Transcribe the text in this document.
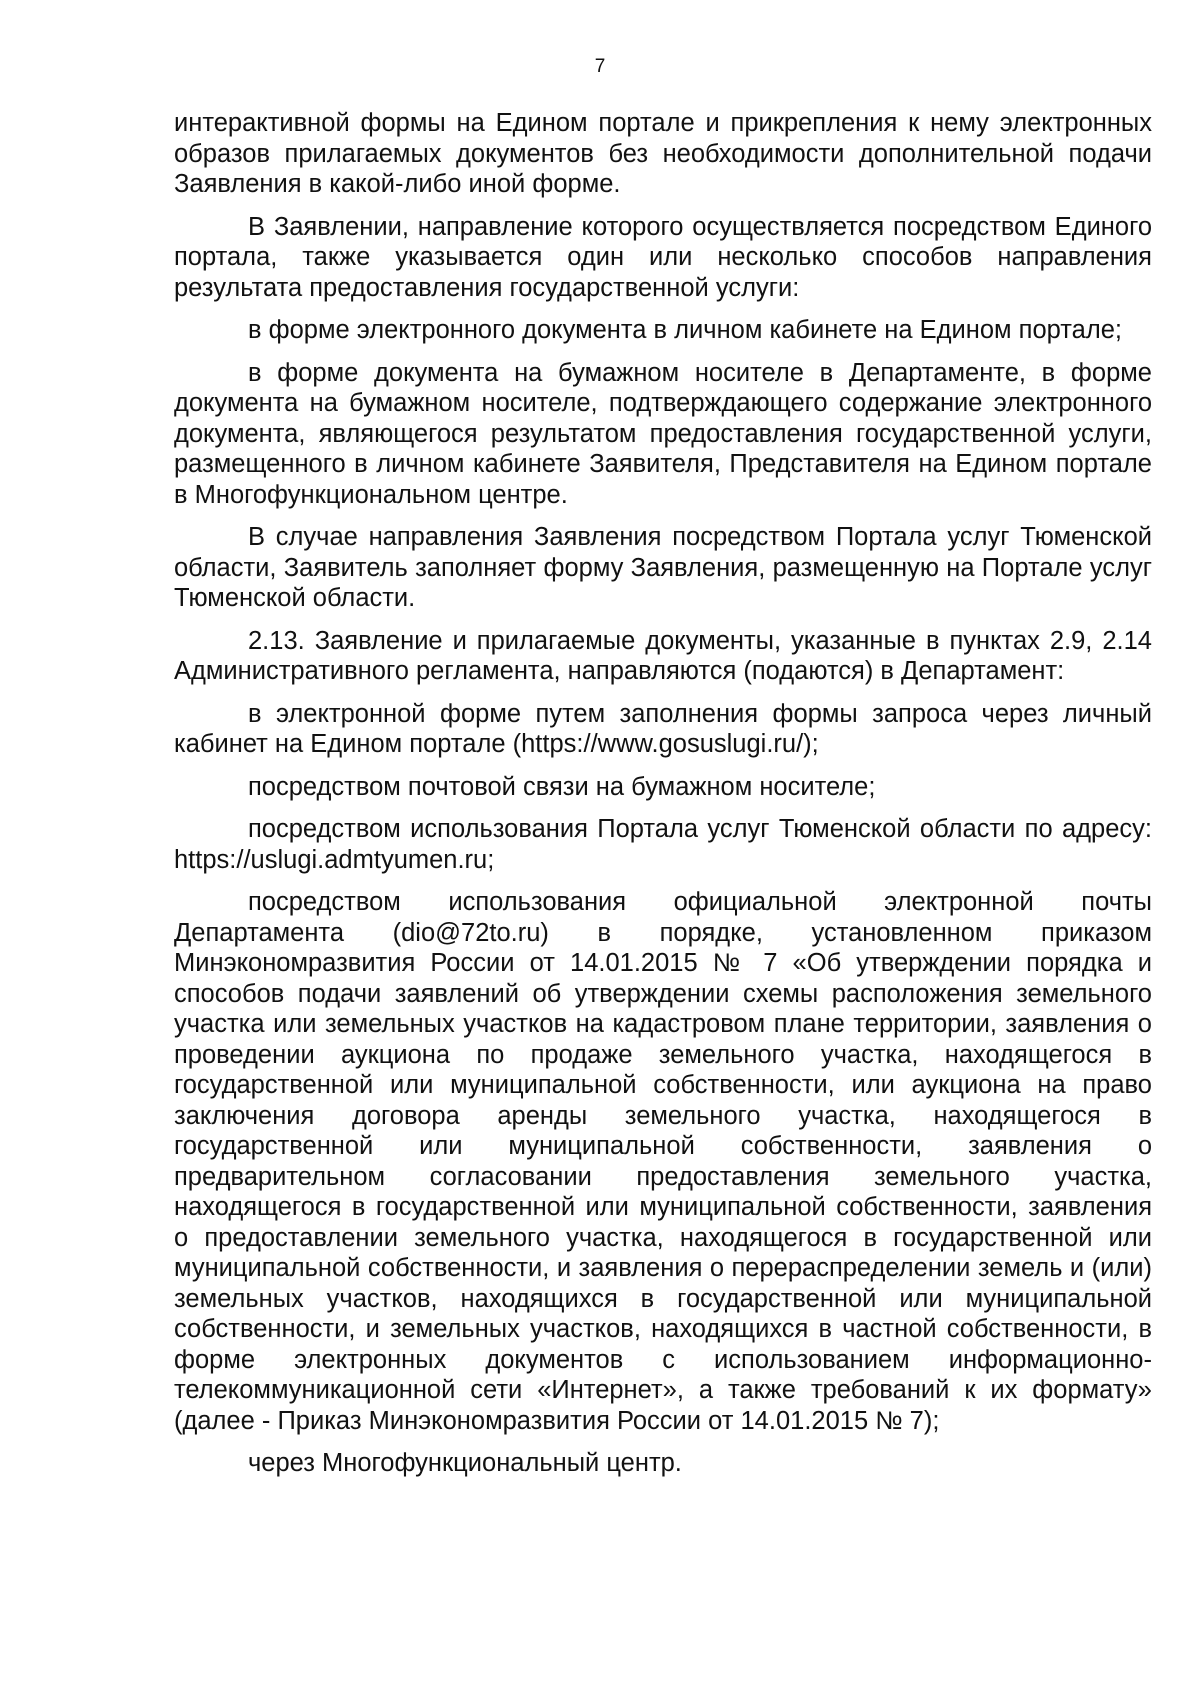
7

интерактивной формы на Едином портале и прикрепления к нему электронных образов прилагаемых документов без необходимости дополнительной подачи Заявления в какой-либо иной форме.

В Заявлении, направление которого осуществляется посредством Единого портала, также указывается один или несколько способов направления результата предоставления государственной услуги:

в форме электронного документа в личном кабинете на Едином портале;

в форме документа на бумажном носителе в Департаменте, в форме документа на бумажном носителе, подтверждающего содержание электронного документа, являющегося результатом предоставления государственной услуги, размещенного в личном кабинете Заявителя, Представителя на Едином портале в Многофункциональном центре.

В случае направления Заявления посредством Портала услуг Тюменской области, Заявитель заполняет форму Заявления, размещенную на Портале услуг Тюменской области.

2.13. Заявление и прилагаемые документы, указанные в пунктах 2.9, 2.14 Административного регламента, направляются (подаются) в Департамент:

в электронной форме путем заполнения формы запроса через личный кабинет на Едином портале (https://www.gosuslugi.ru/);

посредством почтовой связи на бумажном носителе;

посредством использования Портала услуг Тюменской области по адресу: https://uslugi.admtyumen.ru;

посредством использования официальной электронной почты Департамента (dio@72to.ru) в порядке, установленном приказом Минэкономразвития России от 14.01.2015 № 7 «Об утверждении порядка и способов подачи заявлений об утверждении схемы расположения земельного участка или земельных участков на кадастровом плане территории, заявления о проведении аукциона по продаже земельного участка, находящегося в государственной или муниципальной собственности, или аукциона на право заключения договора аренды земельного участка, находящегося в государственной или муниципальной собственности, заявления о предварительном согласовании предоставления земельного участка, находящегося в государственной или муниципальной собственности, заявления о предоставлении земельного участка, находящегося в государственной или муниципальной собственности, и заявления о перераспределении земель и (или) земельных участков, находящихся в государственной или муниципальной собственности, и земельных участков, находящихся в частной собственности, в форме электронных документов с использованием информационно-телекоммуникационной сети «Интернет», а также требований к их формату» (далее - Приказ Минэкономразвития России от 14.01.2015 № 7);

через Многофункциональный центр.
